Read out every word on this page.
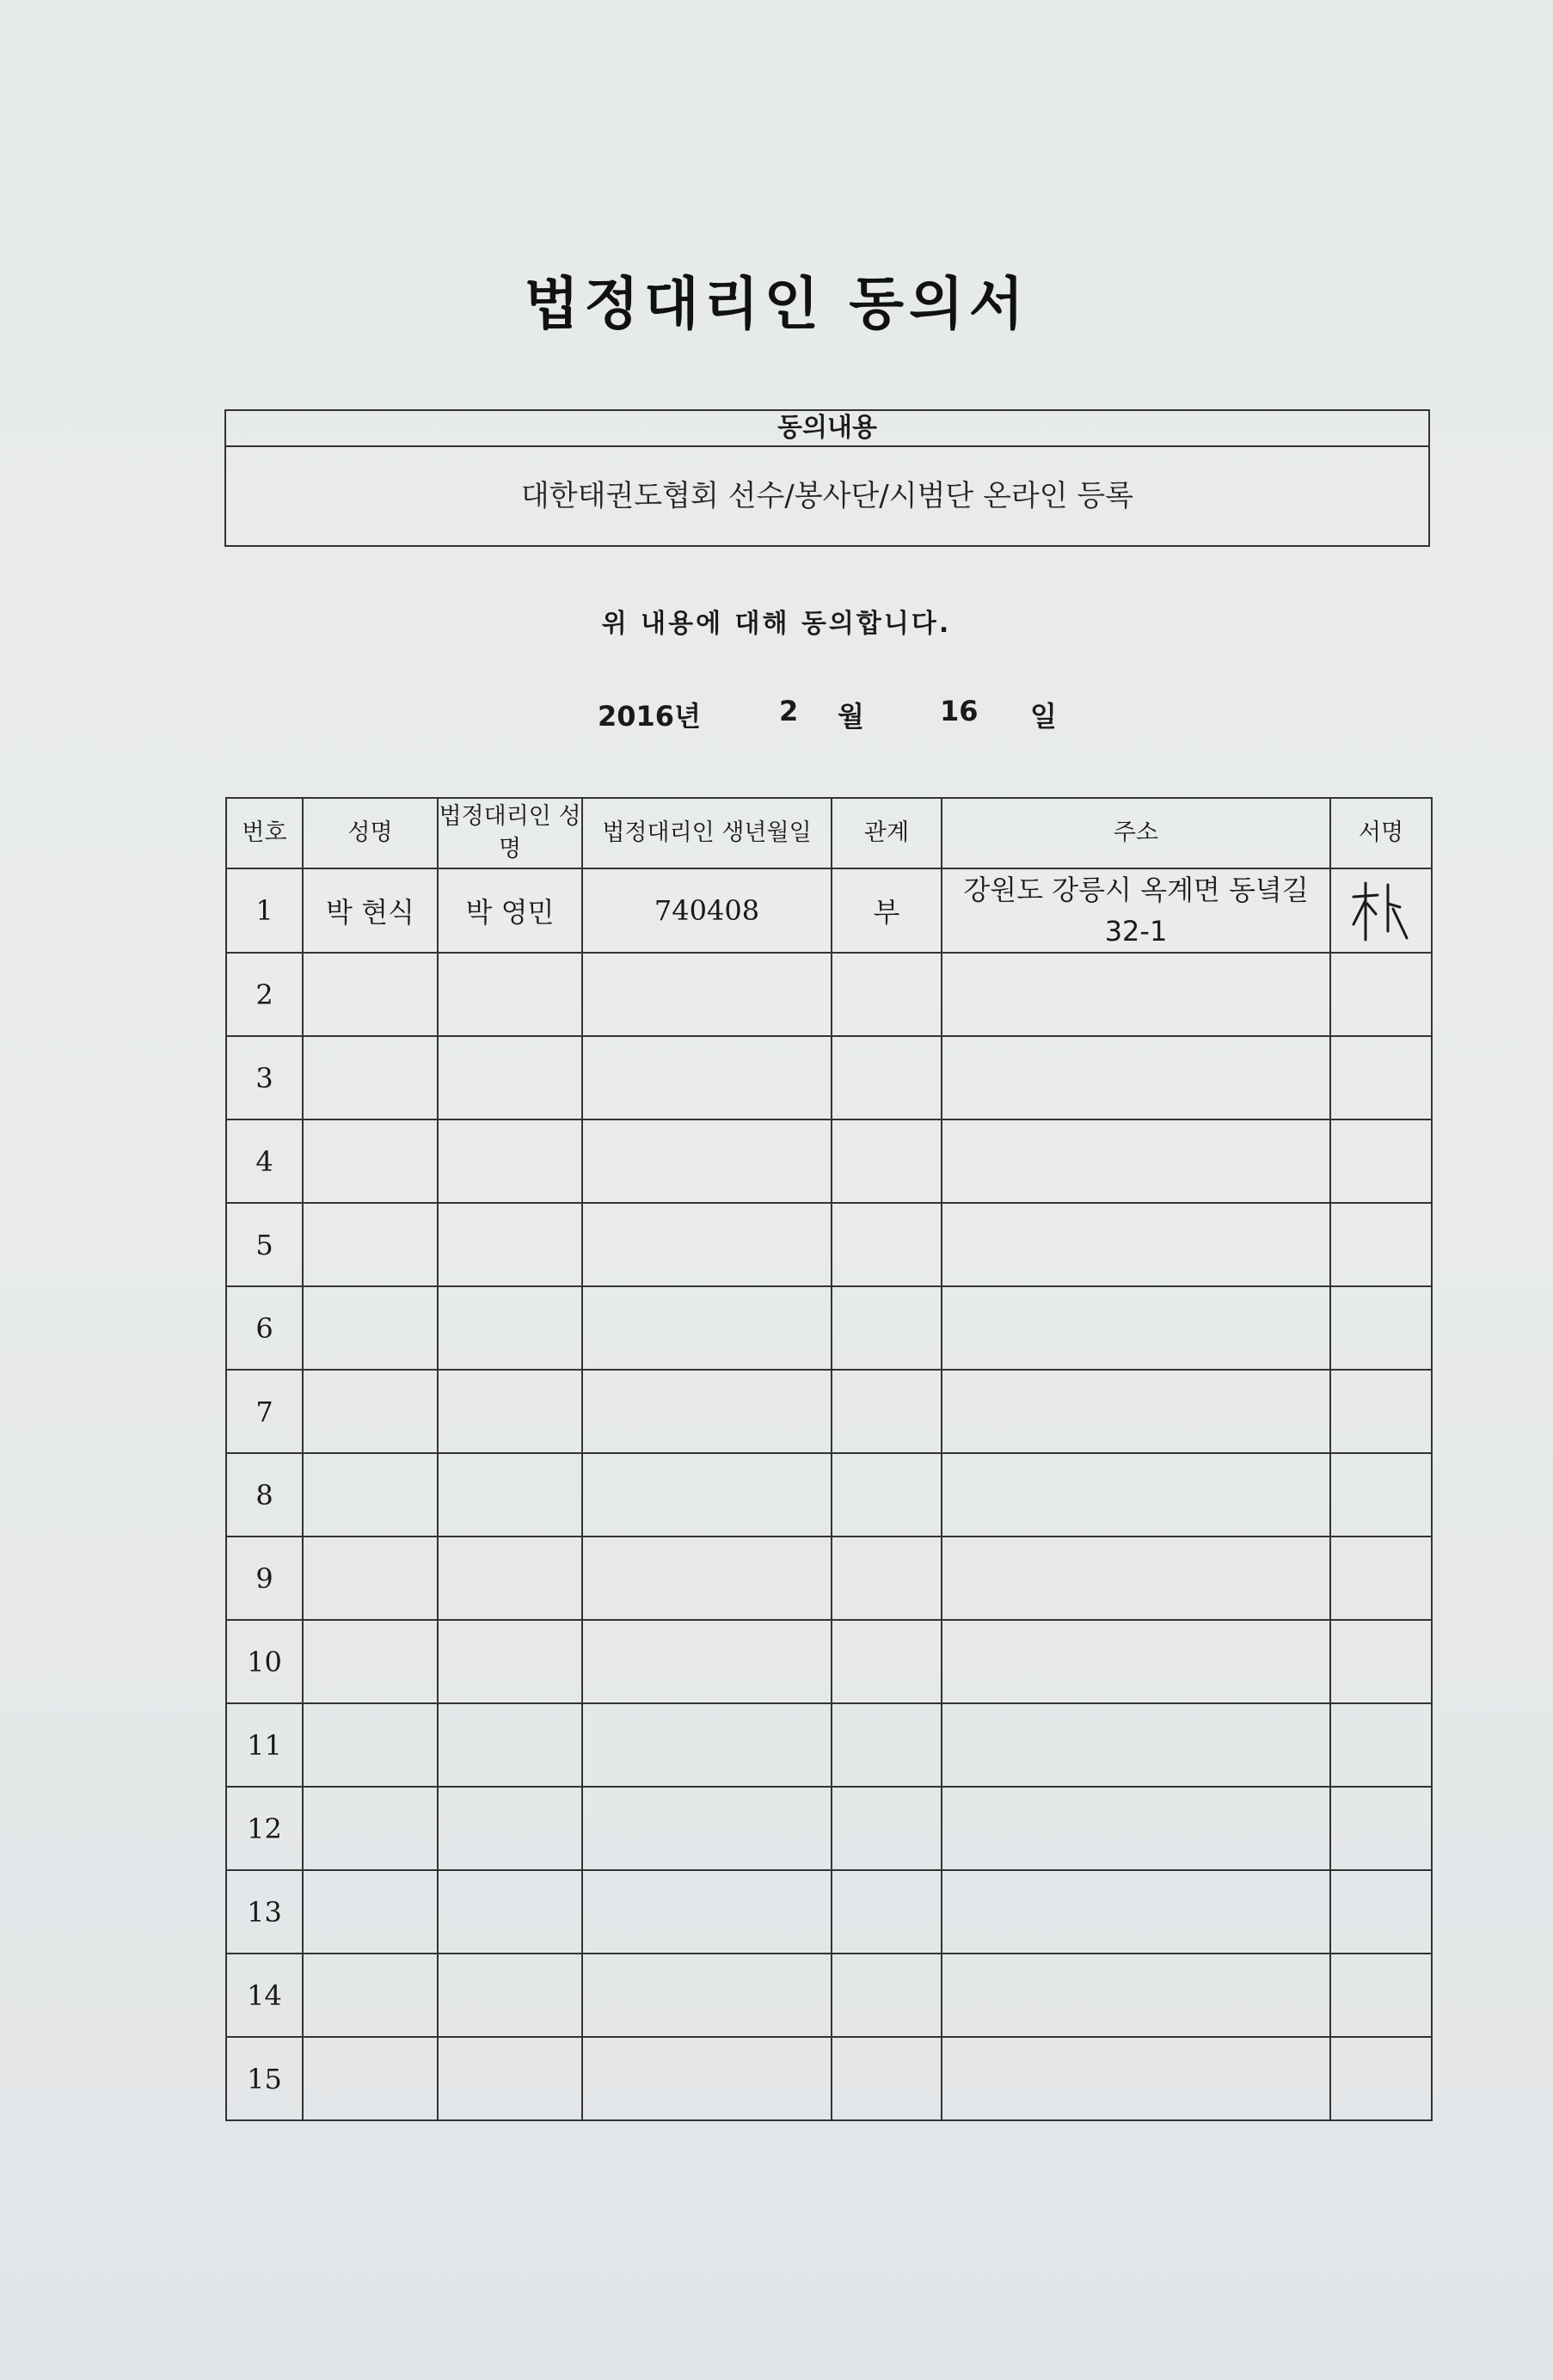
법정대리인 동의서
동의내용
대한태권도협회 선수/봉사단/시범단 온라인 등록
위 내용에 대해 동의합니다.
2016년	2 월	16 일
번호	성명	법정대리인 성명	법정대리인 생년월일	관계	주소	서명
1	박 현식	박 영민	740408	부	강원도 강릉시 옥계면 동녘길 32-1	

2						
3						
4						
5						
6						
7						
8						
9						
10						
11						
12						
13						
14						
15						
